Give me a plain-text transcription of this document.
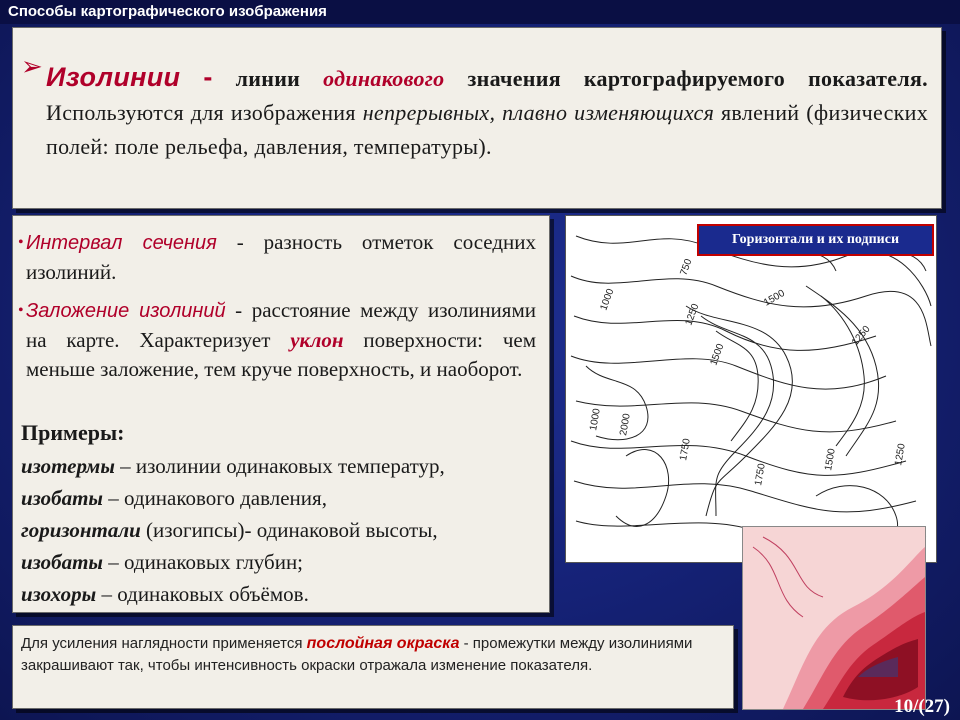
Способы картографического изображения
➢ Изолинии - линии одинакового значения картографируемого показателя. Используются для изображения непрерывных, плавно изменяющихся явлений (физических полей: поле рельефа, давления, температуры).
• Интервал сечения - разность отметок соседних изолиний.
• Заложение изолиний - расстояние между изолиниями на карте. Характеризует уклон поверхности: чем меньше заложение, тем круче поверхность, и наоборот.
Примеры:
изотермы – изолинии одинаковых температур,
изобаты – одинакового давления,
горизонтали (изогипсы)- одинаковой высоты,
изобаты – одинаковых глубин;
изохоры – одинаковых объёмов.
1000
750
1250
1500
1500
1250
1000 2000
1750
1750
1500	1250
Горизонтали и их подписи
Для усиления наглядности применяется послойная окраска - промежутки между изолиниями закрашивают так, чтобы интенсивность окраски отражала изменение показателя.
10/(27)
